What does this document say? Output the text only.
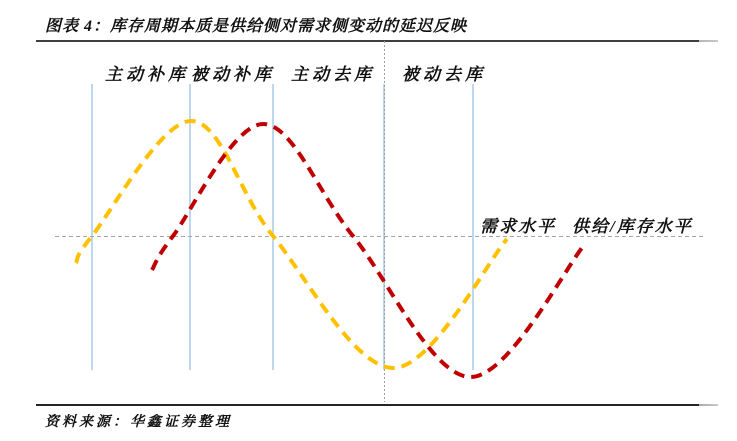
图表 4：库存周期本质是供给侧对需求侧变动的延迟反映
主动补库 被动补库 主动去库 被动去库
需求水平 供给/库存水平
资料来源：华鑫证券整理
